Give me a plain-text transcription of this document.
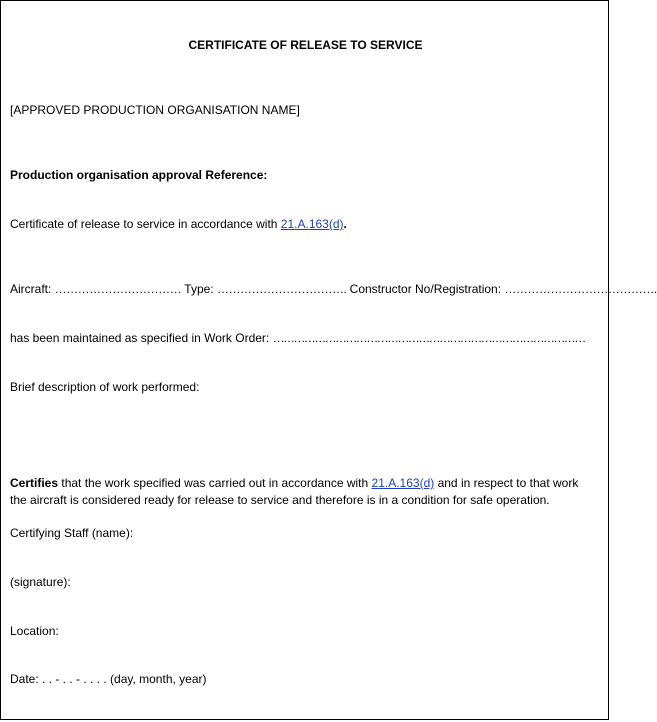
CERTIFICATE OF RELEASE TO SERVICE
[APPROVED PRODUCTION ORGANISATION NAME]
Production organisation approval Reference:
Certificate of release to service in accordance with 21.A.163(d).
Aircraft: …………………………… Type: ……………………………. Constructor No/Registration: ………………………………….
has been maintained as specified in Work Order: ………………………………………………………………………………
Brief description of work performed:
Certifies that the work specified was carried out in accordance with 21.A.163(d) and in respect to that work the aircraft is considered ready for release to service and therefore is in a condition for safe operation.
Certifying Staff (name):
(signature):
Location:
Date: . . - . . - . . . . (day, month, year)
